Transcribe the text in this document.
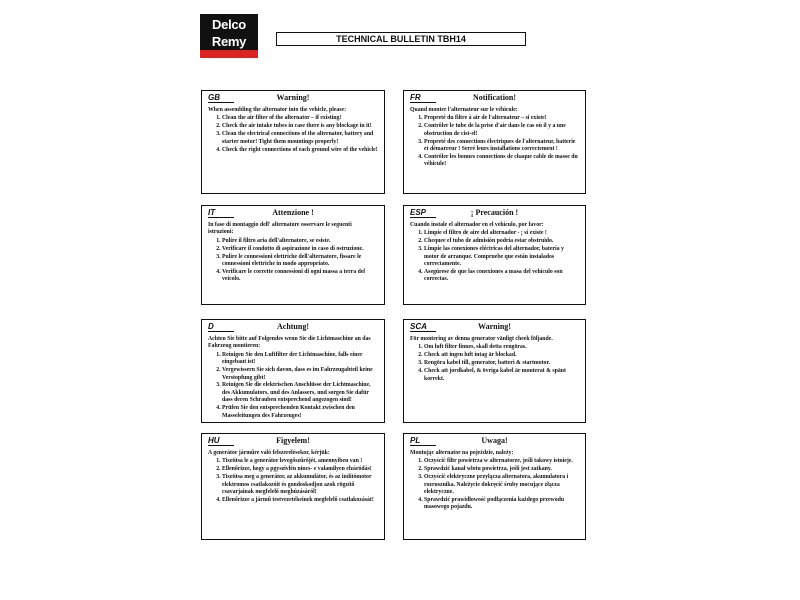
Delco
Remy	TECHNICAL BULLETIN TBH14
GB	Warning!
When assembling the alternator into the vehicle, please:
1. Clean the air filter of the alternator – if existing!
2. Check the air intake tubes in case there is any blockage in it!
3. Clean the electrical connections of the alternator, battery and starter motor! Tight them mountings properly!
4. Check the right connections of each ground wire of the vehicle!
FR	Notification!
Quand monter l'alternateur sur le véhicule:
1. Propreté du filtre à air de l'alternateur – si existe!
2. Contrôler le tube de la prise d'air dans le cas où il y a une obstruction de cist-el!
3. Propreté des connections électriques de l'alternateur, batterie et démarreur ! Serré leurs installations correctement !
4. Contrôler les bonnes connections de chaque cable de masse du véhicule!
IT	Attenzione !
In fase di montaggio dell' alternatore osservare le seguenti istruzioni:
1. Pulire il filtro aria dell'alternatore, se esiste.
2. Verificare il condotto di aspirazione in caso di ostruzione.
3. Pulire le connessioni elettriche dell'alternatore, fissare le connessioni elettriche in modo appropriato.
4. Verificare le corrette connessioni di ogni massa a terra del veicolo.
ESP	¡ Precaución !
Cuando instale el alternador en el vehículo, por favor:
1. Limpie el filtro de aire del alternador - ¡ si existe !
2. Chequee el tubo de admisión podría estar obstruido.
3. Limpie las conexiones eléctricas del alternador, batería y motor de arranque. Compruebe que están instalados correctamente.
4. Asegúrese de que las conexiones a masa del vehículo son correctas.
D	Achtung!
Achten Sie bitte auf Folgendes wenn Sie die Lichtmaschine an das Fahrzeug montieren:
1. Reinigen Sie den Luftfilter der Lichtmaschine, falls einer eingebaut ist!
2. Vergewissern Sie sich davon, dass es im Fahrzeugabteil keine Verstopfung gibt!
3. Reinigen Sie die elektrischen Anschlüsse der Lichtmaschine, des Akkumulators, und des Anlassers, und sorgen Sie dafür dass deren Schrauben entsprechend angezogen sind!
4. Prüfen Sie den entsprechenden Kontakt zwischen den Masseleitungen des Fahrzeuges!
SCA	Warning!
För montering av denna generator vänligt cheek följande.
1. Om luft filter finnes, skall detta rengöras.
2. Check att ingen luft intag är blockad.
3. Rengöra kabel till, generator, batteri & startmotor.
4. Check att jordkabel, & övriga kabel är monterat & spänt korrekt.
HU	Figyelem!
A generátor járműre való felszerelésekor, kérjük:
1. Tisztítsa le a generátor levegőszűrőjét, amennyiben van !
2. Ellenőrizze, hogy a pgyszívlén nincs- e valamilyen elzáródás!
3. Tisztítsa meg a generátor, az akkumulátor, és az indítómotor elektromos csatlakozóit és gondoskodjon azok rögzítő csavarjainak megfelelő meghúzásáról!
4. Ellenőrizze a jármű testvezetékeinek megfelelő csatlakozását!
PL	Uwaga!
Montując alternator na pojeździe, należy:
1. Oczyścić filtr powietrza w alternatorze, jeśli takowy istnieje.
2. Sprawdzić kanał wlotu powietrza, jeśli jest zatkany.
3. Oczyścić elektryczne przyłącza alternatora, akumulatora i rozrusznika. Należycie dokręcić śruby mocujące złącza elektryczne.
4. Sprawdzić prawidłowość podłączenia każdego przewodu masowego pojazdu.
